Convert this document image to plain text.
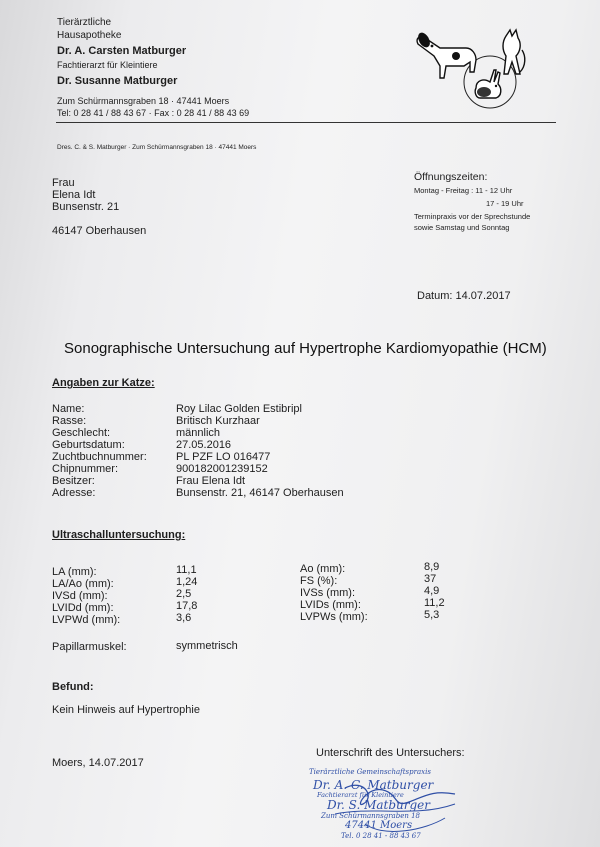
Tierärztliche
Hausapotheke
Dr. A. Carsten Matburger
Fachtierarzt für Kleintiere
Dr. Susanne Matburger
Zum Schürmannsgraben 18 · 47441 Moers
Tel: 0 28 41 / 88 43 67 · Fax : 0 28 41 / 88 43 69
Dres. C. & S. Matburger · Zum Schürmannsgraben 18 · 47441 Moers
Frau
Elena Idt
Bunsenstr. 21
46147 Oberhausen
Öffnungszeiten:
Montag - Freitag : 11 - 12 Uhr
17 - 19 Uhr
Terminpraxis vor der Sprechstunde
sowie Samstag und Sonntag
Datum: 14.07.2017
Sonographische Untersuchung auf Hypertrophe Kardiomyopathie (HCM)
Angaben zur Katze:
Name:
Rasse:
Geschlecht:
Geburtsdatum:
Zuchtbuchnummer:
Chipnummer:
Besitzer:
Adresse:
Roy Lilac Golden Estibripl
Britisch Kurzhaar
männlich
27.05.2016
PL PZF LO 016477
900182001239152
Frau Elena Idt
Bunsenstr. 21, 46147 Oberhausen
Ultraschalluntersuchung:
LA (mm):
LA/Ao (mm):
IVSd (mm):
LVIDd (mm):
LVPWd (mm):
11,1
1,24
2,5
17,8
3,6
Ao (mm):
FS (%):
IVSs (mm):
LVIDs (mm):
LVPWs (mm):
8,9
37
4,9
11,2
5,3
Papillarmuskel:	symmetrisch
Befund:
Kein Hinweis auf Hypertrophie
Moers, 14.07.2017
Unterschrift des Untersuchers:
Tierärztliche Gemeinschaftspraxis
Dr. A. C. Matburger
Fachtierarzt für Kleintiere
Dr. S. Matburger
Zum Schürmannsgraben 18
47441 Moers
Tel. 0 28 41 - 88 43 67
